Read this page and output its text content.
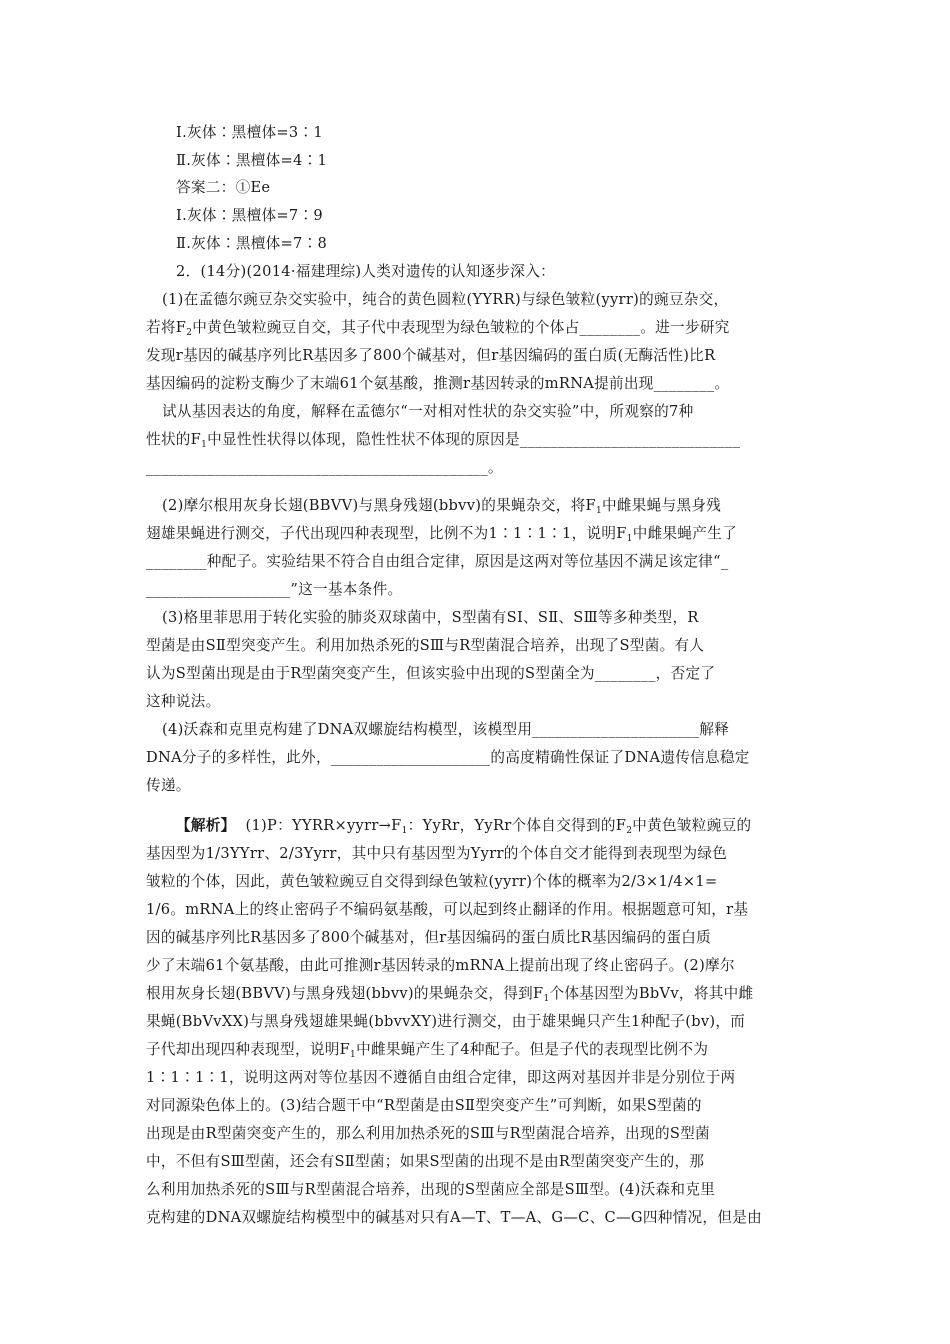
Ⅰ.灰体∶黑檀体=3∶1
Ⅱ.灰体∶黑檀体=4∶1
答案二：①Ee
Ⅰ.灰体∶黑檀体=7∶9
Ⅱ.灰体∶黑檀体=7∶8
2．(14分)(2014·福建理综)人类对遗传的认知逐步深入：
(1)在孟德尔豌豆杂交实验中，纯合的黄色圆粒(YYRR)与绿色皱粒(yyrr)的豌豆杂交，
若将$F_2$中黄色皱粒豌豆自交，其子代中表现型为绿色皱粒的个体占________。进一步研究
发现r基因的碱基序列比R基因多了800个碱基对，但r基因编码的蛋白质(无酶活性)比R
基因编码的淀粉支酶少了末端61个氨基酸，推测r基因转录的mRNA提前出现________。
试从基因表达的角度，解释在孟德尔“一对相对性状的杂交实验”中，所观察的7种
性状的$F_1$中显性性状得以体现，隐性性状不体现的原因是_____________________________
_____________________________________________。
(2)摩尔根用灰身长翅(BBVV)与黑身残翅(bbvv)的果蝇杂交，将$F_1$中雌果蝇与黑身残
翅雄果蝇进行测交，子代出现四种表现型，比例不为1∶1∶1∶1，说明$F_1$中雌果蝇产生了
________种配子。实验结果不符合自由组合定律，原因是这两对等位基因不满足该定律“_
___________________”这一基本条件。
(3)格里菲思用于转化实验的肺炎双球菌中，S型菌有SⅠ、SⅡ、SⅢ等多种类型，R
型菌是由SⅡ型突变产生。利用加热杀死的SⅢ与R型菌混合培养，出现了S型菌。有人
认为S型菌出现是由于R型菌突变产生，但该实验中出现的S型菌全为________，否定了
这种说法。
(4)沃森和克里克构建了DNA双螺旋结构模型，该模型用______________________解释
DNA分子的多样性，此外，_____________________的高度精确性保证了DNA遗传信息稳定
传递。
【解析】  (1)P：$YYRR\times yyrr\to F_1$：YyRr，YyRr个体自交得到的$F_2$中黄色皱粒豌豆的
基因型为1/3YYrr、2/3Yyrr，其中只有基因型为Yyrr的个体自交才能得到表现型为绿色
皱粒的个体，因此，黄色皱粒豌豆自交得到绿色皱粒(yyrr)个体的概率为2/3×1/4×1=
1/6。mRNA上的终止密码子不编码氨基酸，可以起到终止翻译的作用。根据题意可知，r基
因的碱基序列比R基因多了800个碱基对，但r基因编码的蛋白质比R基因编码的蛋白质
少了末端61个氨基酸，由此可推测r基因转录的mRNA上提前出现了终止密码子。(2)摩尔
根用灰身长翅(BBVV)与黑身残翅(bbvv)的果蝇杂交，得到$F_1$个体基因型为BbVv，将其中雌
果蝇(BbVvXX)与黑身残翅雄果蝇(bbvvXY)进行测交，由于雄果蝇只产生1种配子(bv)，而
子代却出现四种表现型，说明$F_1$中雌果蝇产生了4种配子。但是子代的表现型比例不为
1∶1∶1∶1，说明这两对等位基因不遵循自由组合定律，即这两对基因并非是分别位于两
对同源染色体上的。(3)结合题干中“R型菌是由SⅡ型突变产生”可判断，如果S型菌的
出现是由R型菌突变产生的，那么利用加热杀死的SⅢ与R型菌混合培养，出现的S型菌
中，不但有SⅢ型菌，还会有SⅡ型菌；如果S型菌的出现不是由R型菌突变产生的，那
么利用加热杀死的SⅢ与R型菌混合培养，出现的S型菌应全部是SⅢ型。(4)沃森和克里
克构建的DNA双螺旋结构模型中的碱基对只有A—T、T—A、G—C、C—G四种情况，但是由
